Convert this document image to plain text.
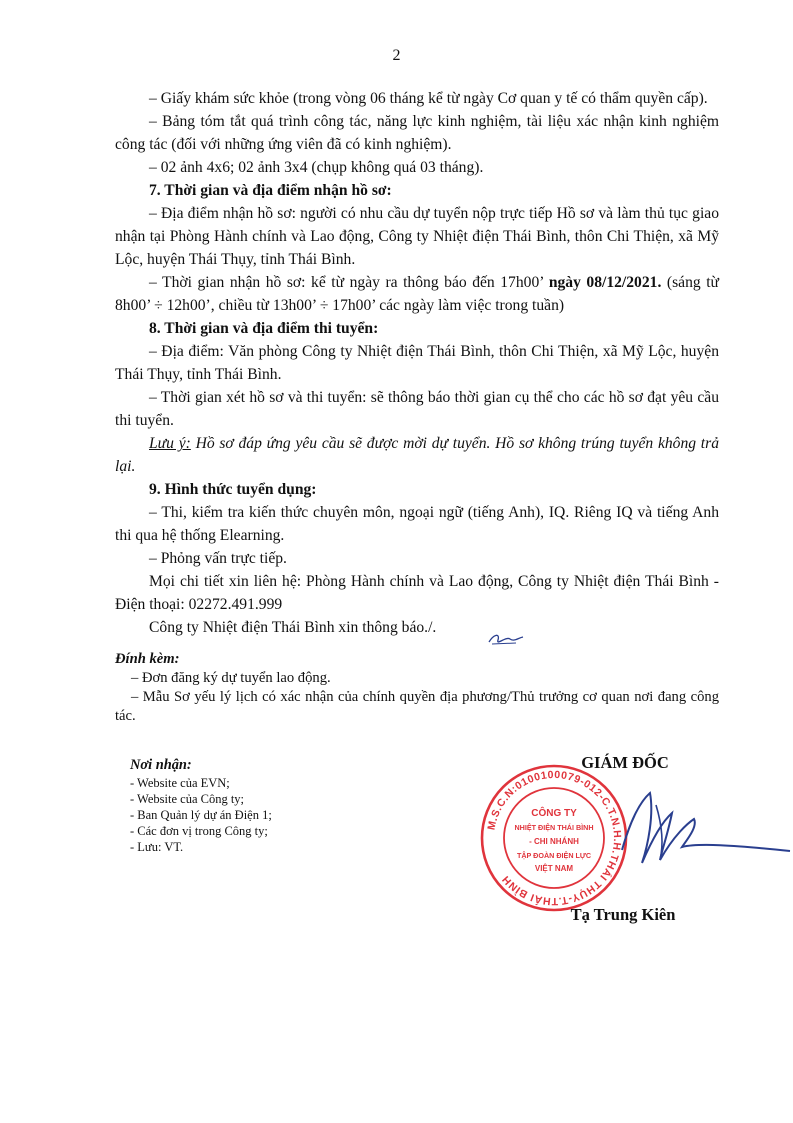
2

– Giấy khám sức khỏe (trong vòng 06 tháng kể từ ngày Cơ quan y tế có thẩm quyền cấp).

– Bảng tóm tắt quá trình công tác, năng lực kinh nghiệm, tài liệu xác nhận kinh nghiệm công tác (đối với những ứng viên đã có kinh nghiệm).

– 02 ảnh 4x6; 02 ảnh 3x4 (chụp không quá 03 tháng).

7. Thời gian và địa điểm nhận hồ sơ:

– Địa điểm nhận hồ sơ: người có nhu cầu dự tuyển nộp trực tiếp Hồ sơ và làm thủ tục giao nhận tại Phòng Hành chính và Lao động, Công ty Nhiệt điện Thái Bình, thôn Chi Thiện, xã Mỹ Lộc, huyện Thái Thụy, tỉnh Thái Bình.

– Thời gian nhận hồ sơ: kể từ ngày ra thông báo đến 17h00’ ngày 08/12/2021. (sáng từ 8h00’ ÷ 12h00’, chiều từ 13h00’ ÷ 17h00’ các ngày làm việc trong tuần)

8. Thời gian và địa điểm thi tuyển:

– Địa điểm: Văn phòng Công ty Nhiệt điện Thái Bình, thôn Chi Thiện, xã Mỹ Lộc, huyện Thái Thụy, tỉnh Thái Bình.

– Thời gian xét hồ sơ và thi tuyển: sẽ thông báo thời gian cụ thể cho các hồ sơ đạt yêu cầu thi tuyển.

Lưu ý: Hồ sơ đáp ứng yêu cầu sẽ được mời dự tuyển. Hồ sơ không trúng tuyển không trả lại.

9. Hình thức tuyển dụng:

– Thi, kiểm tra kiến thức chuyên môn, ngoại ngữ (tiếng Anh), IQ. Riêng IQ và tiếng Anh thi qua hệ thống Elearning.

– Phỏng vấn trực tiếp.

Mọi chi tiết xin liên hệ: Phòng Hành chính và Lao động, Công ty Nhiệt điện Thái Bình - Điện thoại: 02272.491.999

Công ty Nhiệt điện Thái Bình xin thông báo./.

Đính kèm:

– Đơn đăng ký dự tuyển lao động.

– Mẫu Sơ yếu lý lịch có xác nhận của chính quyền địa phương/Thủ trưởng cơ quan nơi đang công tác.

Nơi nhận:
- Website của EVN;
- Website của Công ty;
- Ban Quản lý dự án Điện 1;
- Các đơn vị trong Công ty;
- Lưu: VT.
GIÁM ĐỐC
M.S.C.N:0100100079-012-C.T.N.H.H.THÁI THỤY-T.THÁI BÌNH
CÔNG TY
NHIỆT ĐIỆN THÁI BÌNH
- CHI NHÁNH
TẬP ĐOÀN ĐIỆN LỰC
VIỆT NAM
Tạ Trung Kiên
